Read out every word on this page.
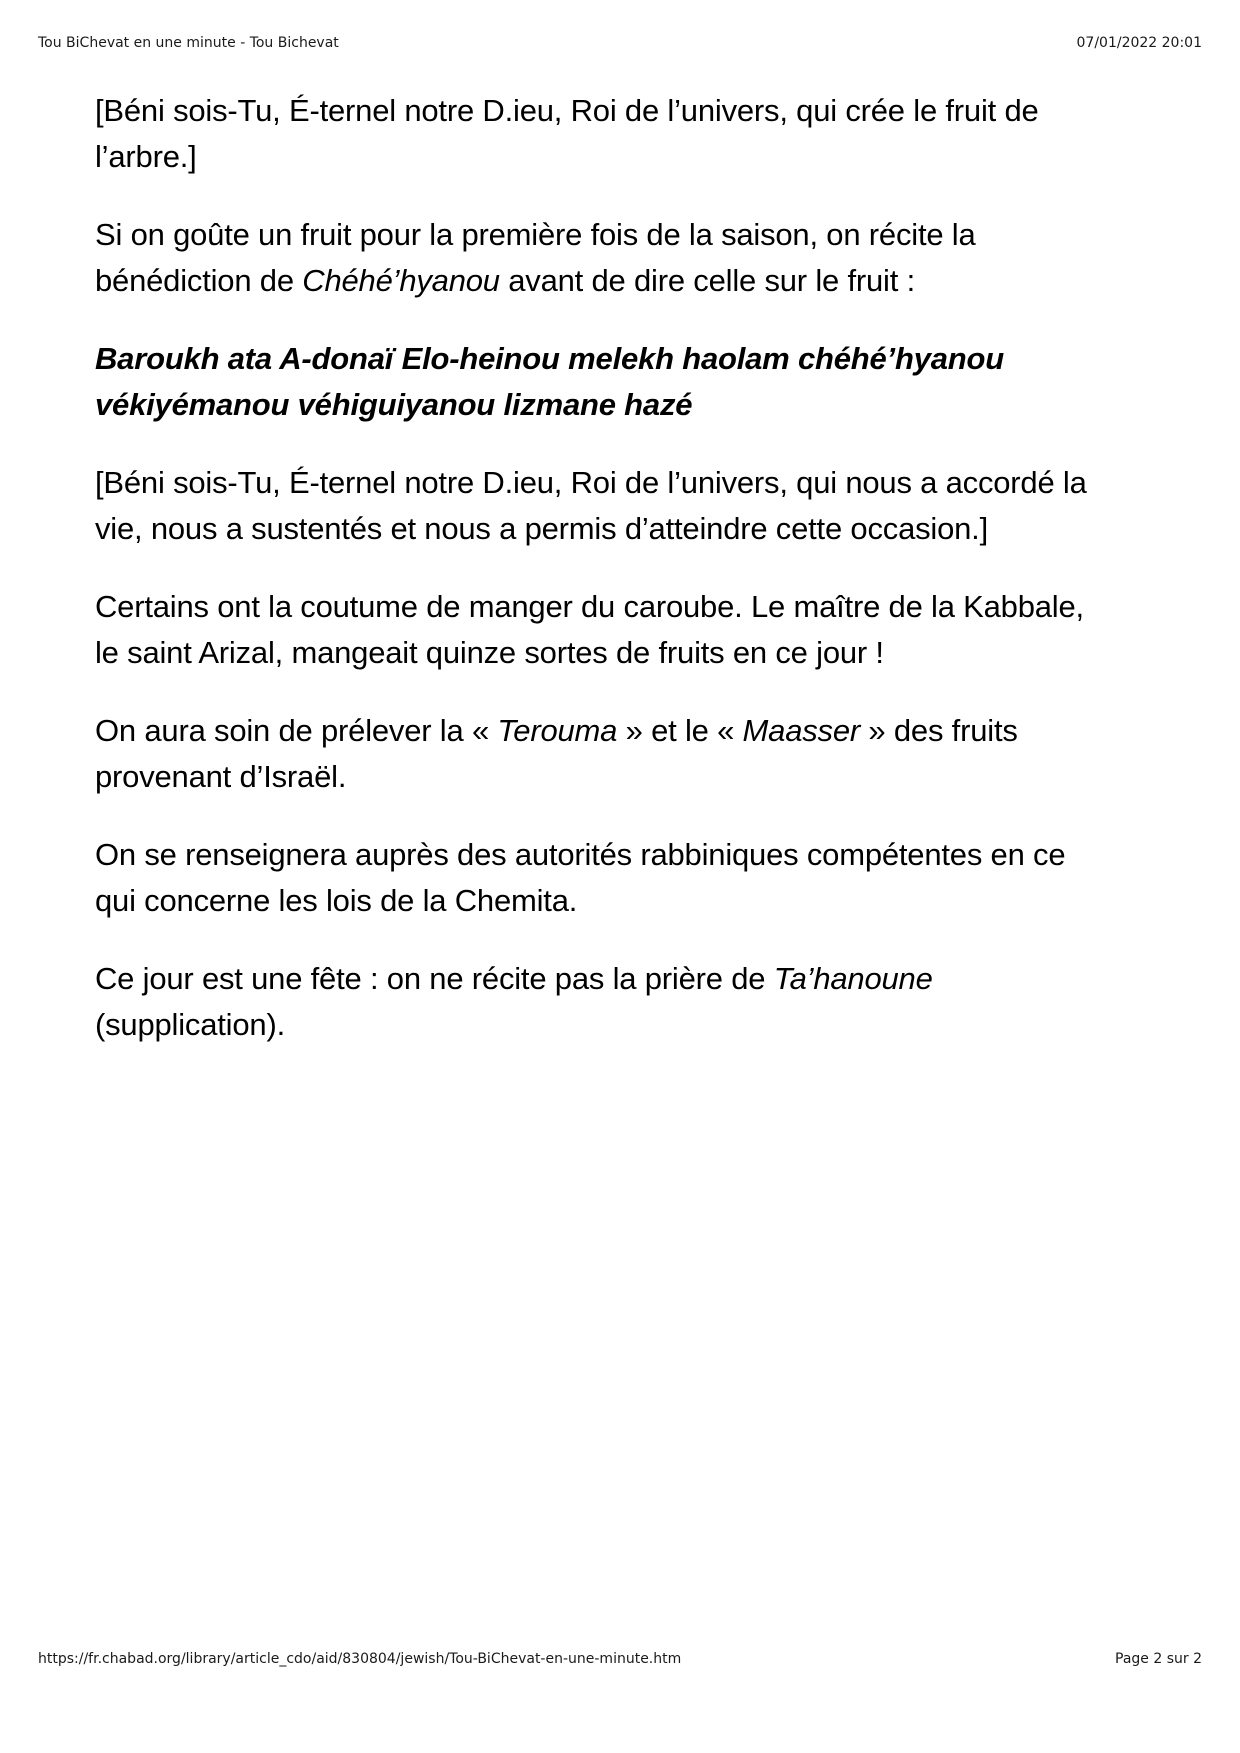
Tou BiChevat en une minute - Tou Bichevat	07/01/2022 20:01

[Béni sois-Tu, É-ternel notre D.ieu, Roi de l’univers, qui crée le fruit de
l’arbre.]

Si on goûte un fruit pour la première fois de la saison, on récite la
bénédiction de Chéhé’hyanou avant de dire celle sur le fruit :

Baroukh ata A-donaï Elo-heinou melekh haolam chéhé’hyanou
vékiyémanou véhiguiyanou lizmane hazé

[Béni sois-Tu, É-ternel notre D.ieu, Roi de l’univers, qui nous a accordé la
vie, nous a sustentés et nous a permis d’atteindre cette occasion.]

Certains ont la coutume de manger du caroube. Le maître de la Kabbale,
le saint Arizal, mangeait quinze sortes de fruits en ce jour !

On aura soin de prélever la « Terouma » et le « Maasser » des fruits
provenant d’Israël.

On se renseignera auprès des autorités rabbiniques compétentes en ce
qui concerne les lois de la Chemita.

Ce jour est une fête : on ne récite pas la prière de Ta’hanoune
(supplication).

https://fr.chabad.org/library/article_cdo/aid/830804/jewish/Tou-BiChevat-en-une-minute.htm	Page 2 sur 2
